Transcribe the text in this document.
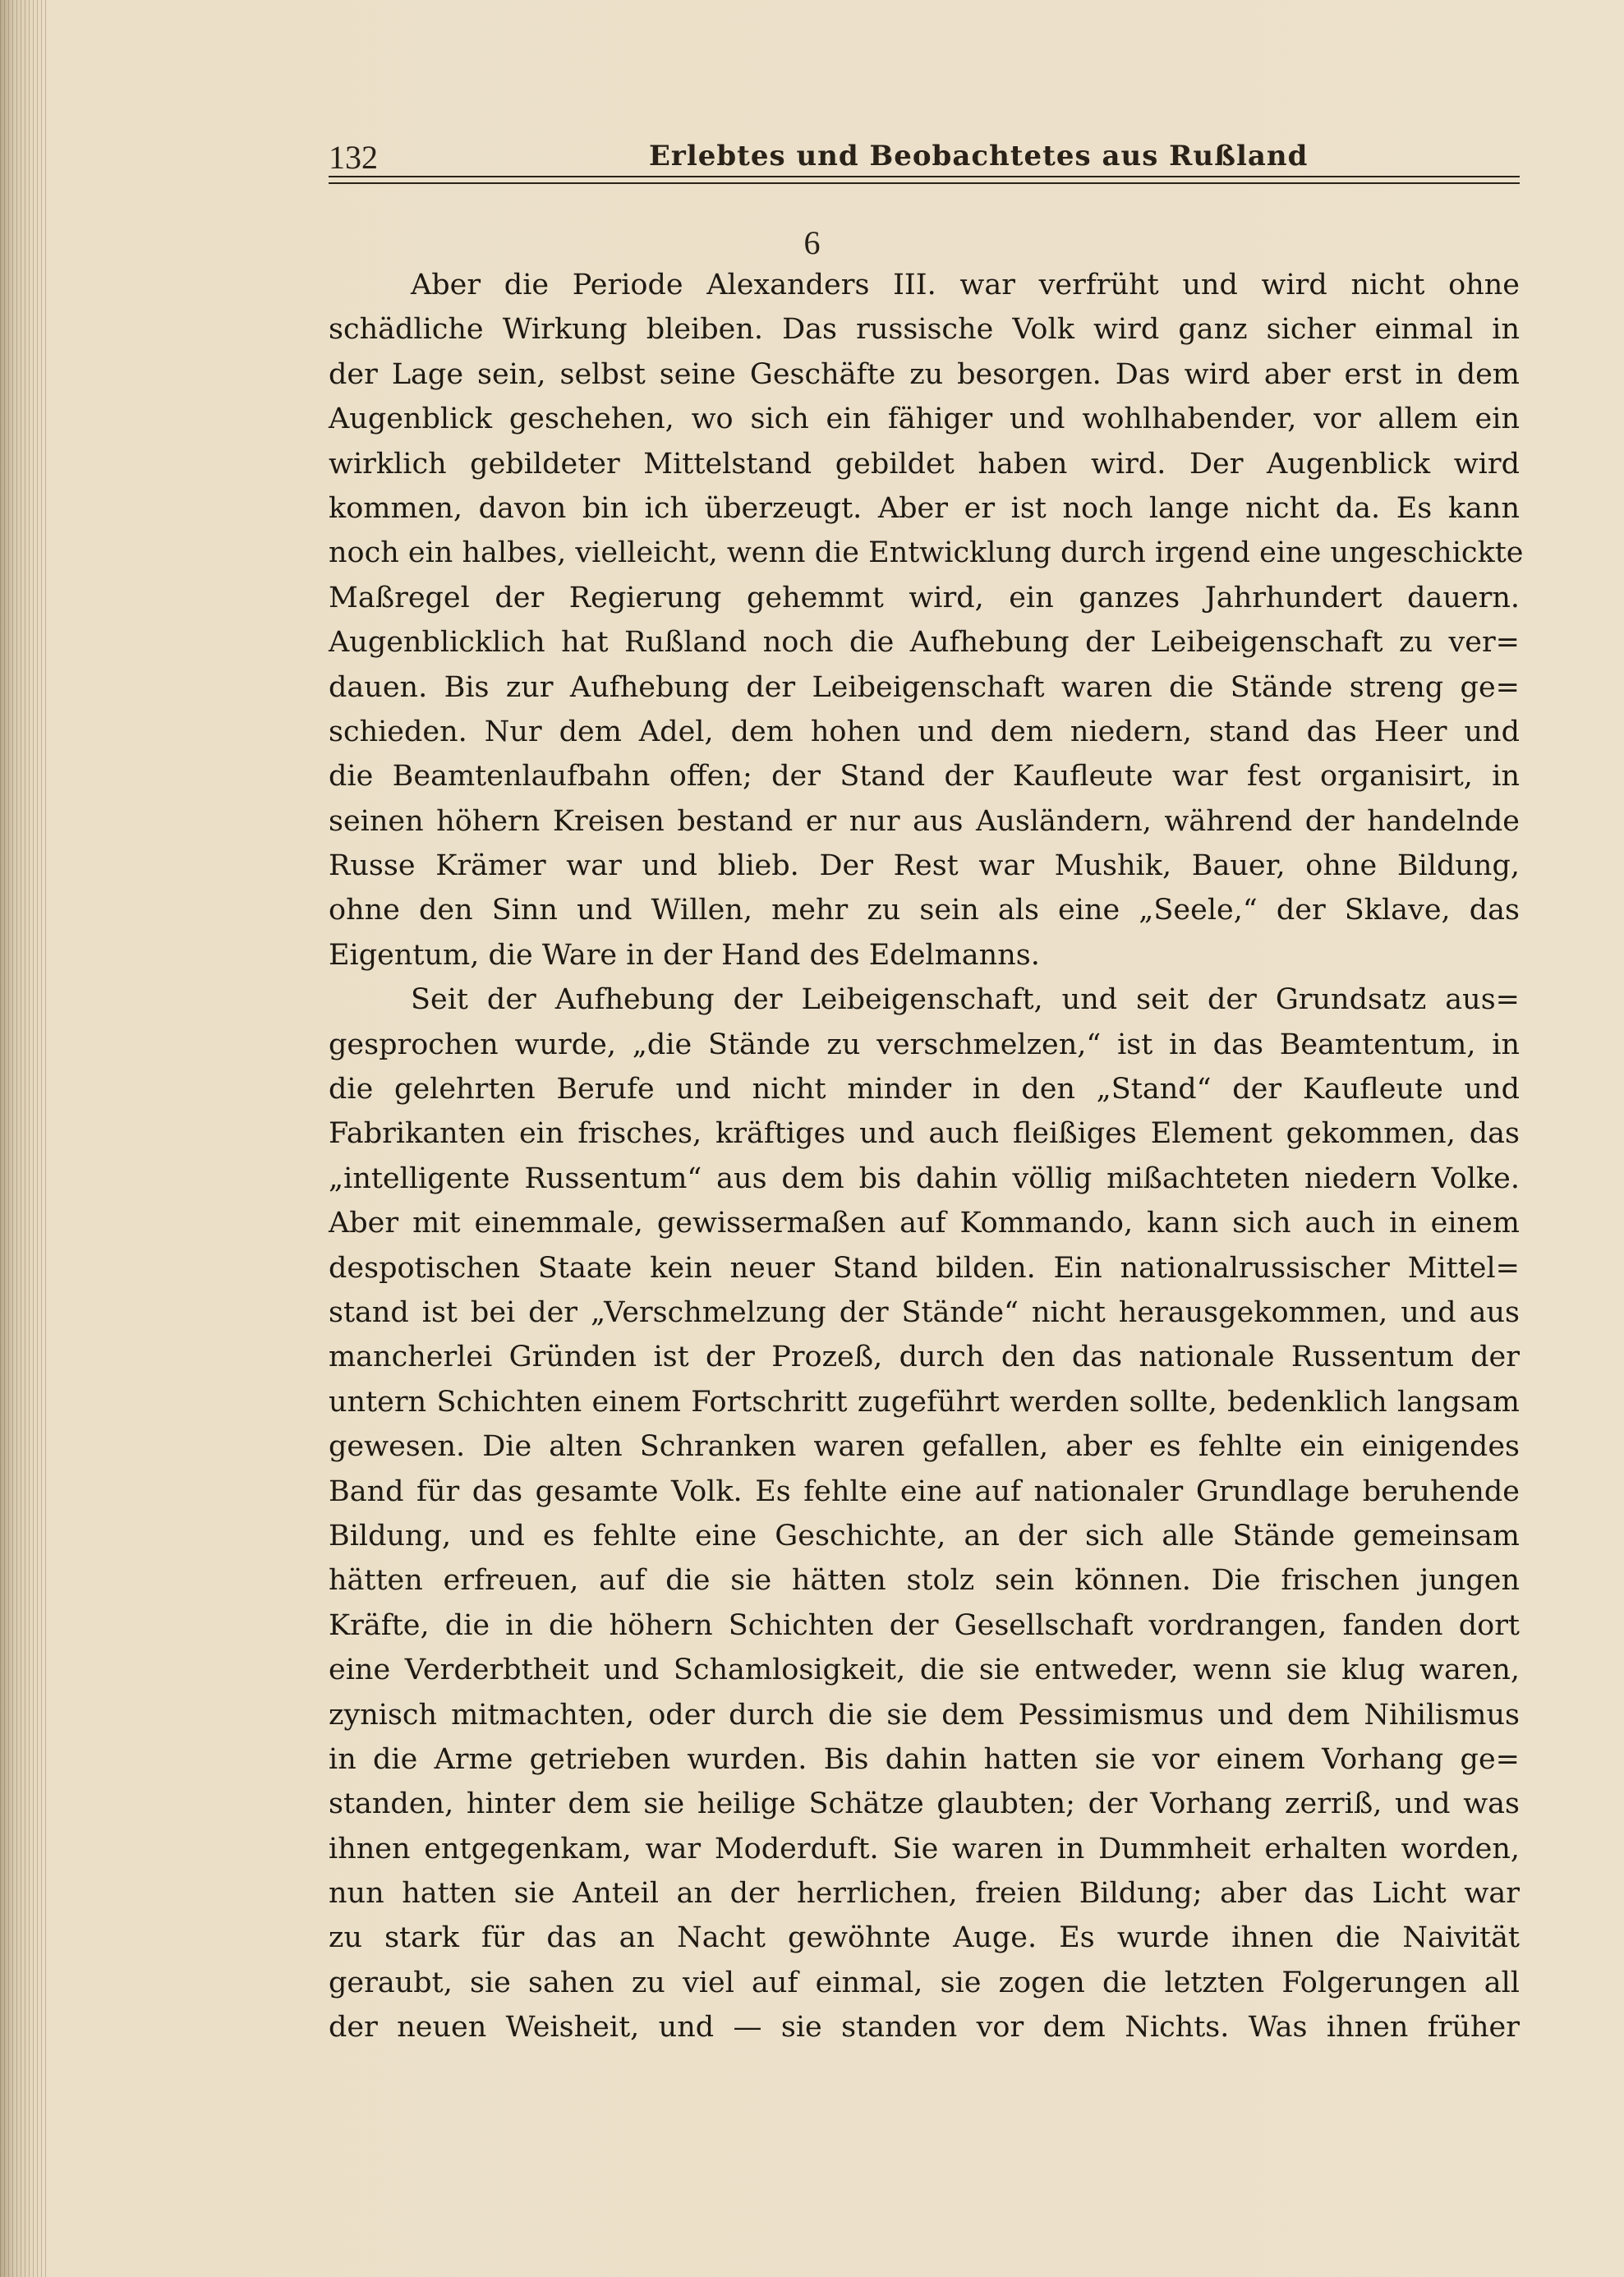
132	Erlebtes und Beobachtetes aus Rußland
6
Aber die Periode Alexanders III. war verfrüht und wird nicht ohne
schädliche Wirkung bleiben. Das russische Volk wird ganz sicher einmal in
der Lage sein, selbst seine Geschäfte zu besorgen. Das wird aber erst in dem
Augenblick geschehen, wo sich ein fähiger und wohlhabender, vor allem ein
wirklich gebildeter Mittelstand gebildet haben wird. Der Augenblick wird
kommen, davon bin ich überzeugt. Aber er ist noch lange nicht da. Es kann
noch ein halbes, vielleicht, wenn die Entwicklung durch irgend eine ungeschickte
Maßregel der Regierung gehemmt wird, ein ganzes Jahrhundert dauern.
Augenblicklich hat Rußland noch die Aufhebung der Leibeigenschaft zu ver=
dauen. Bis zur Aufhebung der Leibeigenschaft waren die Stände streng ge=
schieden. Nur dem Adel, dem hohen und dem niedern, stand das Heer und
die Beamtenlaufbahn offen; der Stand der Kaufleute war fest organisirt, in
seinen höhern Kreisen bestand er nur aus Ausländern, während der handelnde
Russe Krämer war und blieb. Der Rest war Mushik, Bauer, ohne Bildung,
ohne den Sinn und Willen, mehr zu sein als eine „Seele,“ der Sklave, das
Eigentum, die Ware in der Hand des Edelmanns.
Seit der Aufhebung der Leibeigenschaft, und seit der Grundsatz aus=
gesprochen wurde, „die Stände zu verschmelzen,“ ist in das Beamtentum, in
die gelehrten Berufe und nicht minder in den „Stand“ der Kaufleute und
Fabrikanten ein frisches, kräftiges und auch fleißiges Element gekommen, das
„intelligente Russentum“ aus dem bis dahin völlig mißachteten niedern Volke.
Aber mit einemmale, gewissermaßen auf Kommando, kann sich auch in einem
despotischen Staate kein neuer Stand bilden. Ein nationalrussischer Mittel=
stand ist bei der „Verschmelzung der Stände“ nicht herausgekommen, und aus
mancherlei Gründen ist der Prozeß, durch den das nationale Russentum der
untern Schichten einem Fortschritt zugeführt werden sollte, bedenklich langsam
gewesen. Die alten Schranken waren gefallen, aber es fehlte ein einigendes
Band für das gesamte Volk. Es fehlte eine auf nationaler Grundlage beruhende
Bildung, und es fehlte eine Geschichte, an der sich alle Stände gemeinsam
hätten erfreuen, auf die sie hätten stolz sein können. Die frischen jungen
Kräfte, die in die höhern Schichten der Gesellschaft vordrangen, fanden dort
eine Verderbtheit und Schamlosigkeit, die sie entweder, wenn sie klug waren,
zynisch mitmachten, oder durch die sie dem Pessimismus und dem Nihilismus
in die Arme getrieben wurden. Bis dahin hatten sie vor einem Vorhang ge=
standen, hinter dem sie heilige Schätze glaubten; der Vorhang zerriß, und was
ihnen entgegenkam, war Moderduft. Sie waren in Dummheit erhalten worden,
nun hatten sie Anteil an der herrlichen, freien Bildung; aber das Licht war
zu stark für das an Nacht gewöhnte Auge. Es wurde ihnen die Naivität
geraubt, sie sahen zu viel auf einmal, sie zogen die letzten Folgerungen all
der neuen Weisheit, und — sie standen vor dem Nichts. Was ihnen früher
